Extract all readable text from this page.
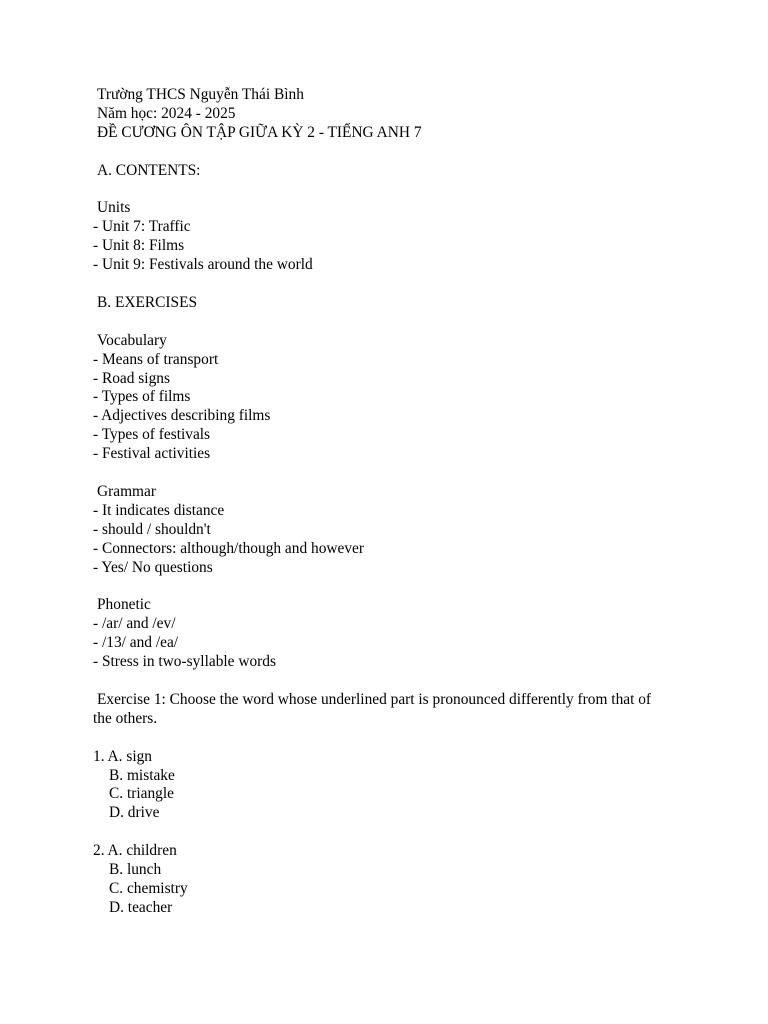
Trường THCS Nguyễn Thái Bình
Năm học: 2024 - 2025
ĐỀ CƯƠNG ÔN TẬP GIỮA KỲ 2 - TIẾNG ANH 7
A. CONTENTS:
Units
- Unit 7: Traffic
- Unit 8: Films
- Unit 9: Festivals around the world
B. EXERCISES
Vocabulary
- Means of transport
- Road signs
- Types of films
- Adjectives describing films
- Types of festivals
- Festival activities
Grammar
- It indicates distance
- should / shouldn't
- Connectors: although/though and however
- Yes/ No questions
Phonetic
- /ar/ and /ev/
- /13/ and /ea/
- Stress in two-syllable words
Exercise 1: Choose the word whose underlined part is pronounced differently from that of the others.
1. A. sign
B. mistake
C. triangle
D. drive
2. A. children
B. lunch
C. chemistry
D. teacher
